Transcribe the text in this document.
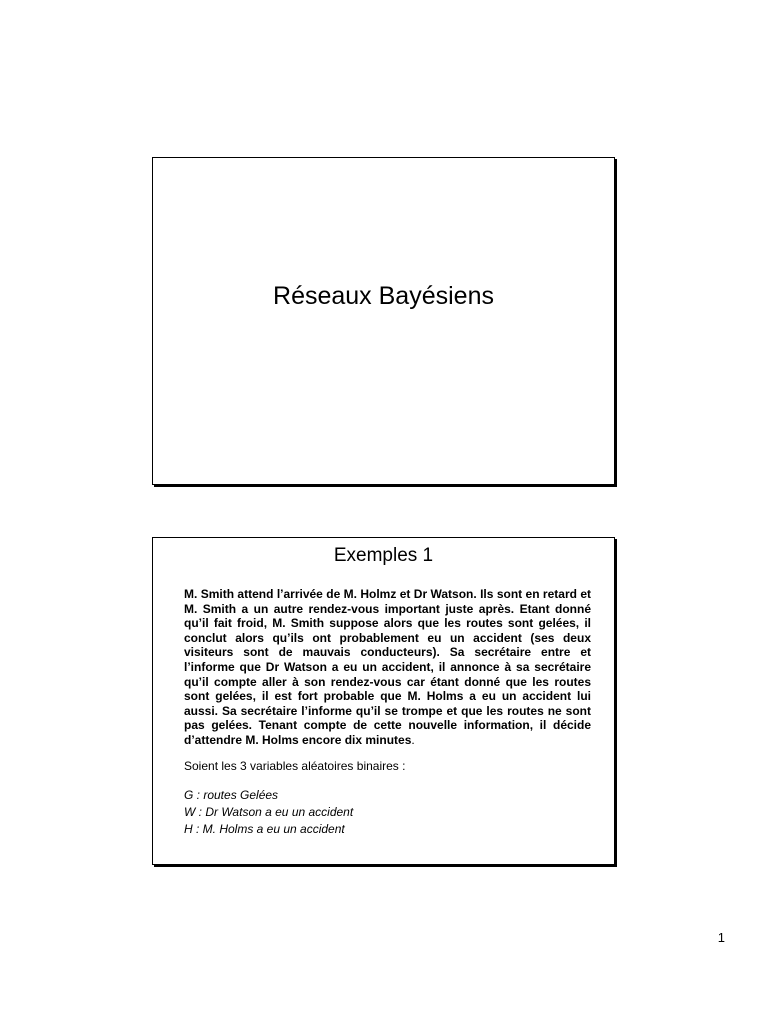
Réseaux Bayésiens
Exemples 1

M. Smith attend l’arrivée de M. Holmz et Dr Watson. Ils sont en retard et M. Smith a un autre rendez-vous important juste après. Etant donné qu’il fait froid, M. Smith suppose alors que les routes sont gelées, il conclut alors qu’ils ont probablement eu un accident (ses deux visiteurs sont de mauvais conducteurs). Sa secrétaire entre et l’informe que Dr Watson a eu un accident, il annonce à sa secrétaire qu’il compte aller à son rendez-vous car étant donné que les routes sont gelées, il est fort probable que M. Holms a eu un accident lui aussi. Sa secrétaire l’informe qu’il se trompe et que les routes ne sont pas gelées. Tenant compte de cette nouvelle information, il décide d’attendre M. Holms encore dix minutes.

Soient les 3 variables aléatoires binaires :

G : routes Gelées
W : Dr Watson a eu un accident
H : M. Holms a eu un accident
1
